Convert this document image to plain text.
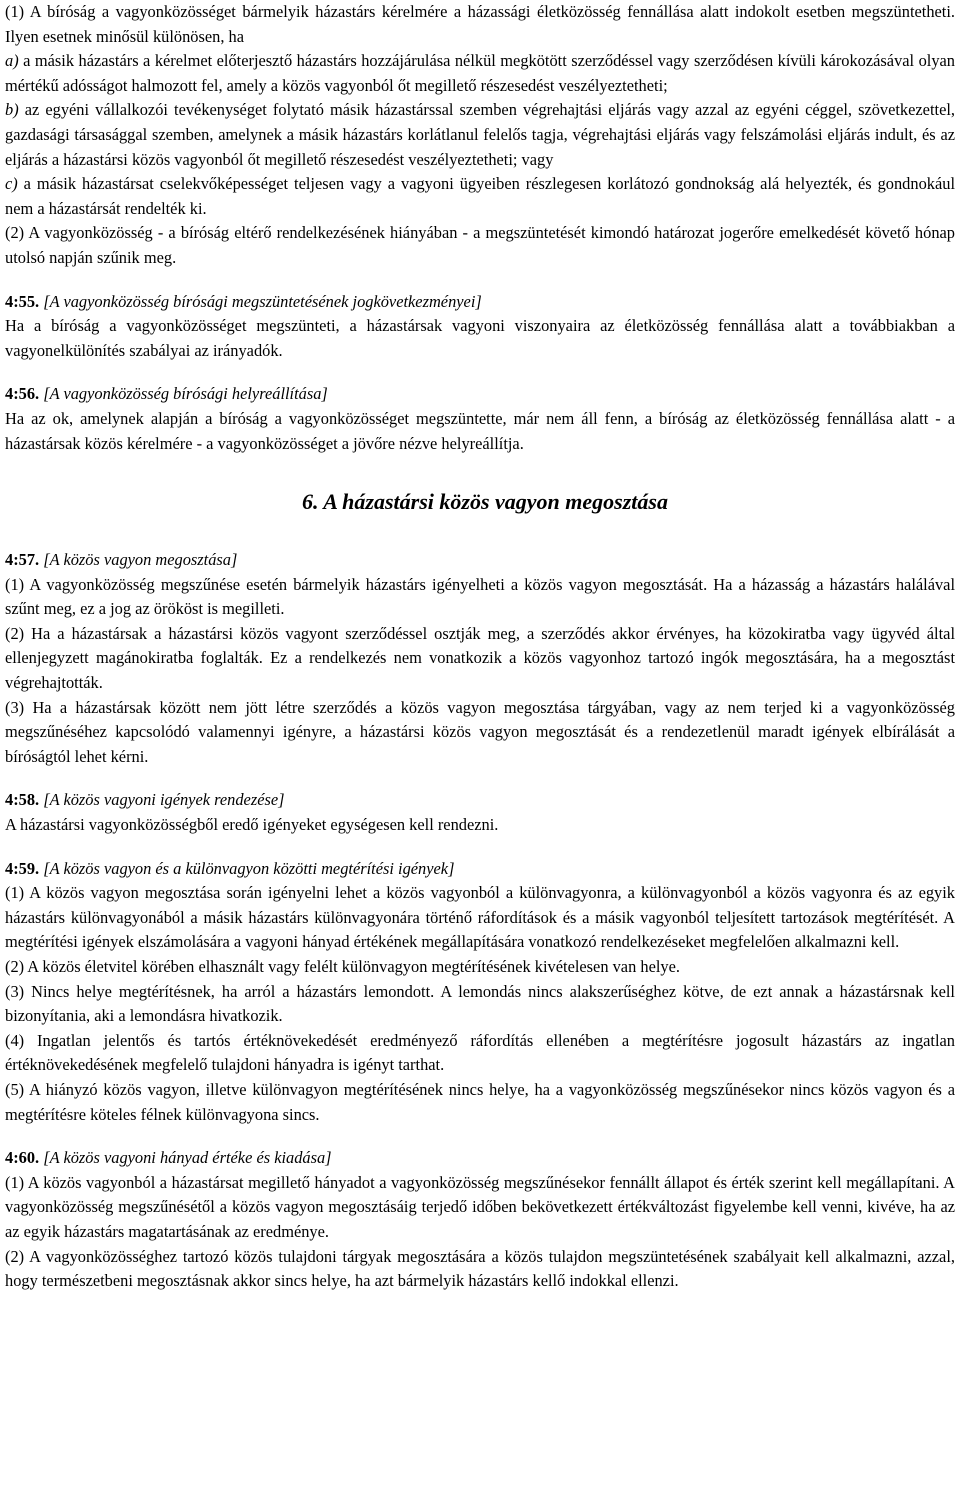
(1) A bíróság a vagyonközösséget bármelyik házastárs kérelmére a házassági életközösség fennállása alatt indokolt esetben megszüntetheti. Ilyen esetnek minősül különösen, ha
a) a másik házastárs a kérelmet előterjesztő házastárs hozzájárulása nélkül megkötött szerződéssel vagy szerződésen kívüli károkozásával olyan mértékű adósságot halmozott fel, amely a közös vagyonból őt megillető részesedést veszélyeztetheti;

b) az egyéni vállalkozói tevékenységet folytató másik házastárssal szemben végrehajtási eljárás vagy azzal az egyéni céggel, szövetkezettel, gazdasági társasággal szemben, amelynek a másik házastárs korlátlanul felelős tagja, végrehajtási eljárás vagy felszámolási eljárás indult, és az eljárás a házastársi közös vagyonból őt megillető részesedést veszélyeztetheti; vagy

c) a másik házastársat cselekvőképességet teljesen vagy a vagyoni ügyeiben részlegesen korlátozó gondnokság alá helyezték, és gondnokául nem a házastársát rendelték ki.

(2) A vagyonközösség - a bíróság eltérő rendelkezésének hiányában - a megszüntetését kimondó határozat jogerőre emelkedését követő hónap utolsó napján szűnik meg.

4:55. [A vagyonközösség bírósági megszüntetésének jogkövetkezményei]

Ha a bíróság a vagyonközösséget megszünteti, a házastársak vagyoni viszonyaira az életközösség fennállása alatt a továbbiakban a vagyonelkülönítés szabályai az irányadók.

4:56. [A vagyonközösség bírósági helyreállítása]

Ha az ok, amelynek alapján a bíróság a vagyonközösséget megszüntette, már nem áll fenn, a bíróság az életközösség fennállása alatt - a házastársak közös kérelmére - a vagyonközösséget a jövőre nézve helyreállítja.

6. A házastársi közös vagyon megosztása

4:57. [A közös vagyon megosztása]

(1) A vagyonközösség megszűnése esetén bármelyik házastárs igényelheti a közös vagyon megosztását. Ha a házasság a házastárs halálával szűnt meg, ez a jog az örököst is megilleti.

(2) Ha a házastársak a házastársi közös vagyont szerződéssel osztják meg, a szerződés akkor érvényes, ha közokiratba vagy ügyvéd által ellenjegyzett magánokiratba foglalták. Ez a rendelkezés nem vonatkozik a közös vagyonhoz tartozó ingók megosztására, ha a megosztást végrehajtották.

(3) Ha a házastársak között nem jött létre szerződés a közös vagyon megosztása tárgyában, vagy az nem terjed ki a vagyonközösség megszűnéséhez kapcsolódó valamennyi igényre, a házastársi közös vagyon megosztását és a rendezetlenül maradt igények elbírálását a bíróságtól lehet kérni.

4:58. [A közös vagyoni igények rendezése]

A házastársi vagyonközösségből eredő igényeket egységesen kell rendezni.

4:59. [A közös vagyon és a különvagyon közötti megtérítési igények]

(1) A közös vagyon megosztása során igényelni lehet a közös vagyonból a különvagyonra, a különvagyonból a közös vagyonra és az egyik házastárs különvagyonából a másik házastárs különvagyonára történő ráfordítások és a másik vagyonból teljesített tartozások megtérítését. A megtérítési igények elszámolására a vagyoni hányad értékének megállapítására vonatkozó rendelkezéseket megfelelően alkalmazni kell.

(2) A közös életvitel körében elhasznált vagy felélt különvagyon megtérítésének kivételesen van helye.

(3) Nincs helye megtérítésnek, ha arról a házastárs lemondott. A lemondás nincs alakszerűséghez kötve, de ezt annak a házastársnak kell bizonyítania, aki a lemondásra hivatkozik.

(4) Ingatlan jelentős és tartós értéknövekedését eredményező ráfordítás ellenében a megtérítésre jogosult házastárs az ingatlan értéknövekedésének megfelelő tulajdoni hányadra is igényt tarthat.

(5) A hiányzó közös vagyon, illetve különvagyon megtérítésének nincs helye, ha a vagyonközösség megszűnésekor nincs közös vagyon és a megtérítésre köteles félnek különvagyona sincs.

4:60. [A közös vagyoni hányad értéke és kiadása]

(1) A közös vagyonból a házastársat megillető hányadot a vagyonközösség megszűnésekor fennállt állapot és érték szerint kell megállapítani. A vagyonközösség megszűnésétől a közös vagyon megosztásáig terjedő időben bekövetkezett értékváltozást figyelembe kell venni, kivéve, ha az az egyik házastárs magatartásának az eredménye.

(2) A vagyonközösséghez tartozó közös tulajdoni tárgyak megosztására a közös tulajdon megszüntetésének szabályait kell alkalmazni, azzal, hogy természetbeni megosztásnak akkor sincs helye, ha azt bármelyik házastárs kellő indokkal ellenzi.
